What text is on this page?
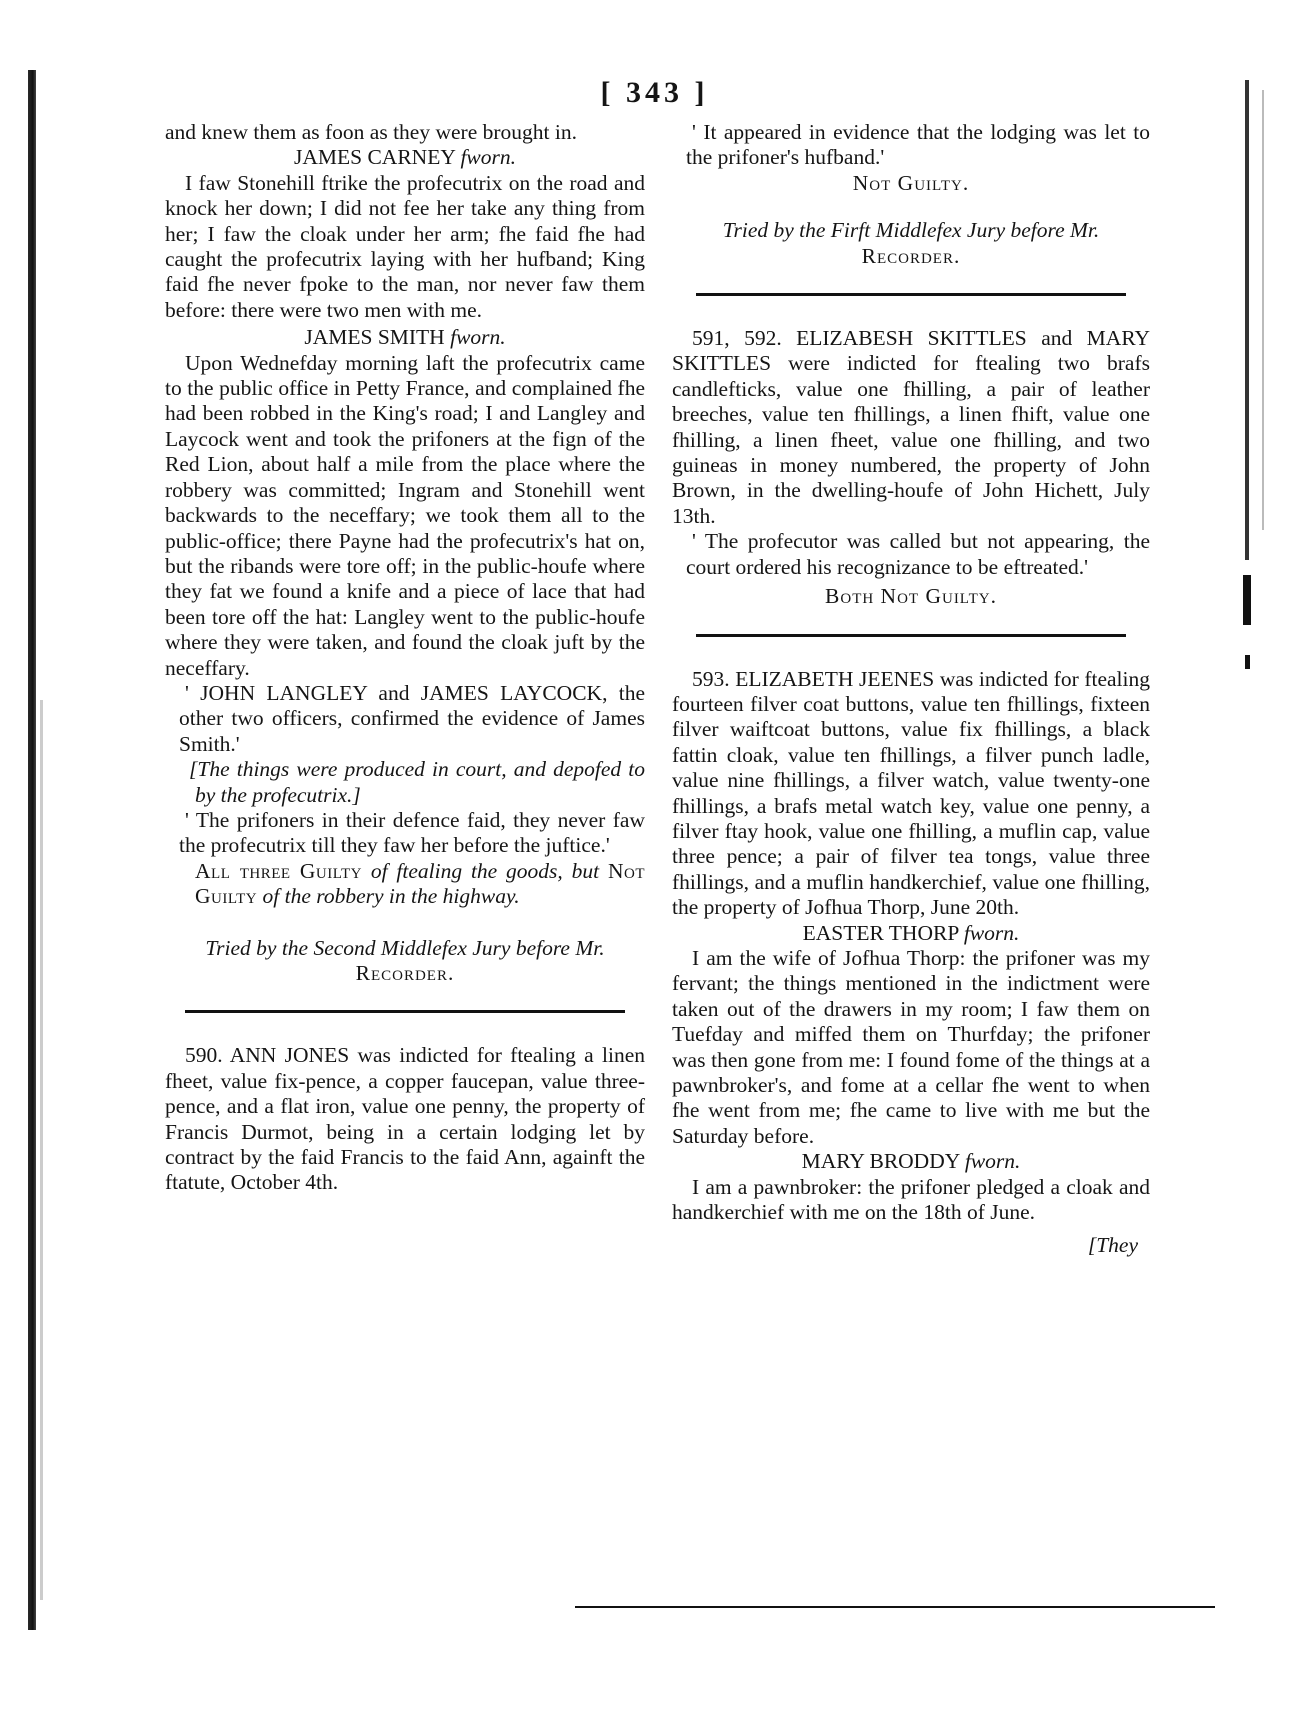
[ 343 ]

and knew them as foon as they were brought in.

JAMES CARNEY fworn.

I faw Stonehill ftrike the profecutrix on the road and knock her down; I did not fee her take any thing from her; I faw the cloak under her arm; fhe faid fhe had caught the profecutrix laying with her hufband; King faid fhe never fpoke to the man, nor never faw them before: there were two men with me.

JAMES SMITH fworn.

Upon Wednefday morning laft the profecutrix came to the public office in Petty France, and complained fhe had been robbed in the King's road; I and Langley and Laycock went and took the prifoners at the fign of the Red Lion, about half a mile from the place where the robbery was committed; Ingram and Stonehill went backwards to the neceffary; we took them all to the public-office; there Payne had the profecutrix's hat on, but the ribands were tore off; in the public-houfe where they fat we found a knife and a piece of lace that had been tore off the hat: Langley went to the public-houfe where they were taken, and found the cloak juft by the neceffary.

' JOHN LANGLEY and JAMES LAYCOCK, the other two officers, confirmed the evidence of James Smith.'

[The things were produced in court, and depofed to by the profecutrix.]

' The prifoners in their defence faid, they never faw the profecutrix till they faw her before the juftice.'

All three Guilty of ftealing the goods, but Not Guilty of the robbery in the highway.

Tried by the Second Middlefex Jury before Mr.

Recorder.

590. ANN JONES was indicted for ftealing a linen fheet, value fix-pence, a copper faucepan, value three-pence, and a flat iron, value one penny, the property of Francis Durmot, being in a certain lodging let by contract by the faid Francis to the faid Ann, againft the ftatute, October 4th.

' It appeared in evidence that the lodging was let to the prifoner's hufband.'

Not Guilty.

Tried by the Firft Middlefex Jury before Mr.

Recorder.

591, 592. ELIZABESH SKITTLES and MARY SKITTLES were indicted for ftealing two brafs candlefticks, value one fhilling, a pair of leather breeches, value ten fhillings, a linen fhift, value one fhilling, a linen fheet, value one fhilling, and two guineas in money numbered, the property of John Brown, in the dwelling-houfe of John Hichett, July 13th.

' The profecutor was called but not appearing, the court ordered his recognizance to be eftreated.'

Both Not Guilty.

593. ELIZABETH JEENES was indicted for ftealing fourteen filver coat buttons, value ten fhillings, fixteen filver waiftcoat buttons, value fix fhillings, a black fattin cloak, value ten fhillings, a filver punch ladle, value nine fhillings, a filver watch, value twenty-one fhillings, a brafs metal watch key, value one penny, a filver ftay hook, value one fhilling, a muflin cap, value three pence; a pair of filver tea tongs, value three fhillings, and a muflin handkerchief, value one fhilling, the property of Jofhua Thorp, June 20th.

EASTER THORP fworn.

I am the wife of Jofhua Thorp: the prifoner was my fervant; the things mentioned in the indictment were taken out of the drawers in my room; I faw them on Tuefday and miffed them on Thurfday; the prifoner was then gone from me: I found fome of the things at a pawnbroker's, and fome at a cellar fhe went to when fhe went from me; fhe came to live with me but the Saturday before.

MARY BRODDY fworn.

I am a pawnbroker: the prifoner pledged a cloak and handkerchief with me on the 18th of June.

[They
